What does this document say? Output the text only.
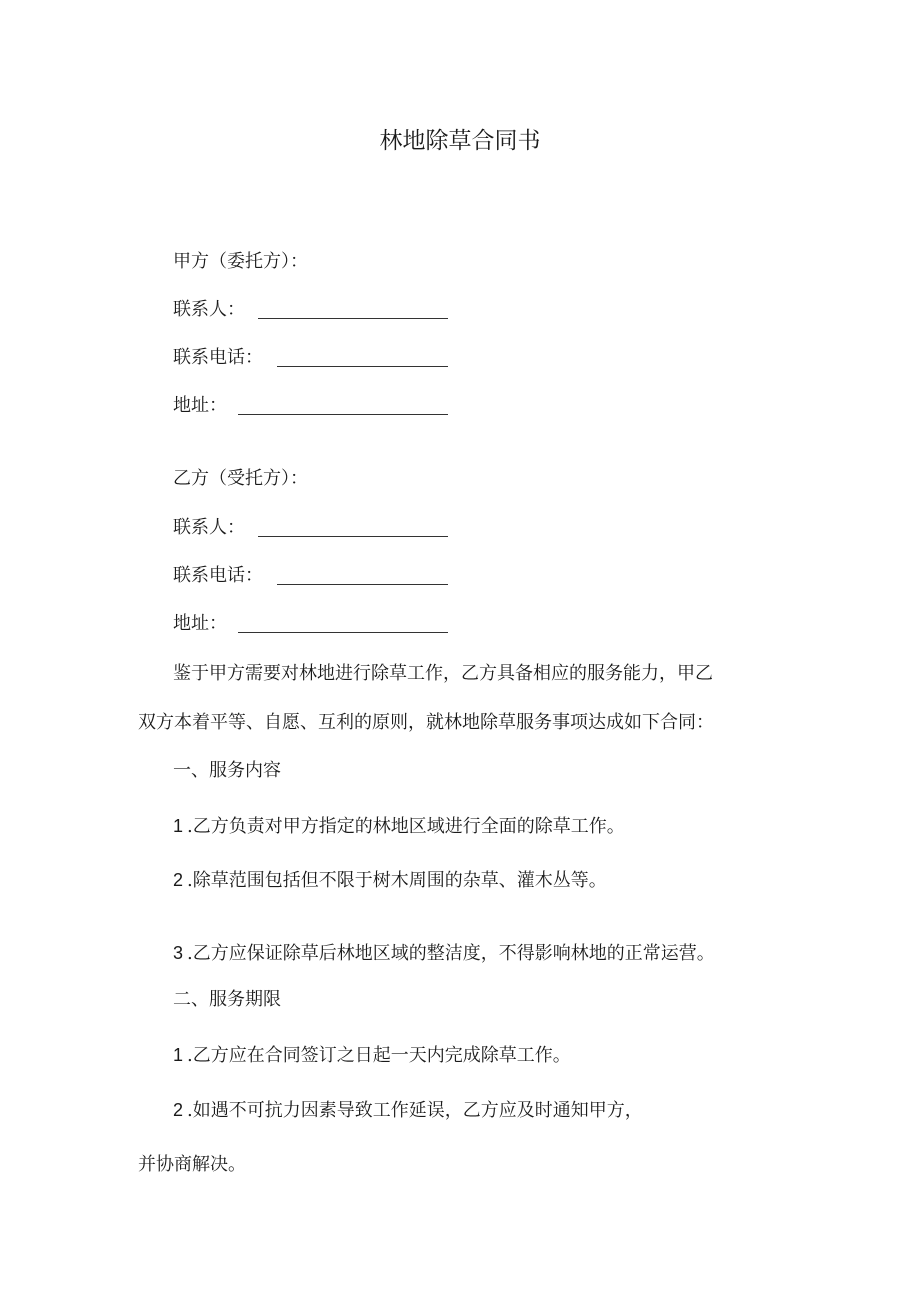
林地除草合同书
甲方（委托方）：
联系人：
联系电话：
地址：
乙方（受托方）：
联系人：
联系电话：
地址：
鉴于甲方需要对林地进行除草工作，乙方具备相应的服务能力，甲乙
双方本着平等、自愿、互利的原则，就林地除草服务事项达成如下合同：
一、服务内容
1 .乙方负责对甲方指定的林地区域进行全面的除草工作。
2 .除草范围包括但不限于树木周围的杂草、灌木丛等。
3 .乙方应保证除草后林地区域的整洁度，不得影响林地的正常运营。
二、服务期限
1 .乙方应在合同签订之日起一天内完成除草工作。
2 .如遇不可抗力因素导致工作延误，乙方应及时通知甲方，
并协商解决。
